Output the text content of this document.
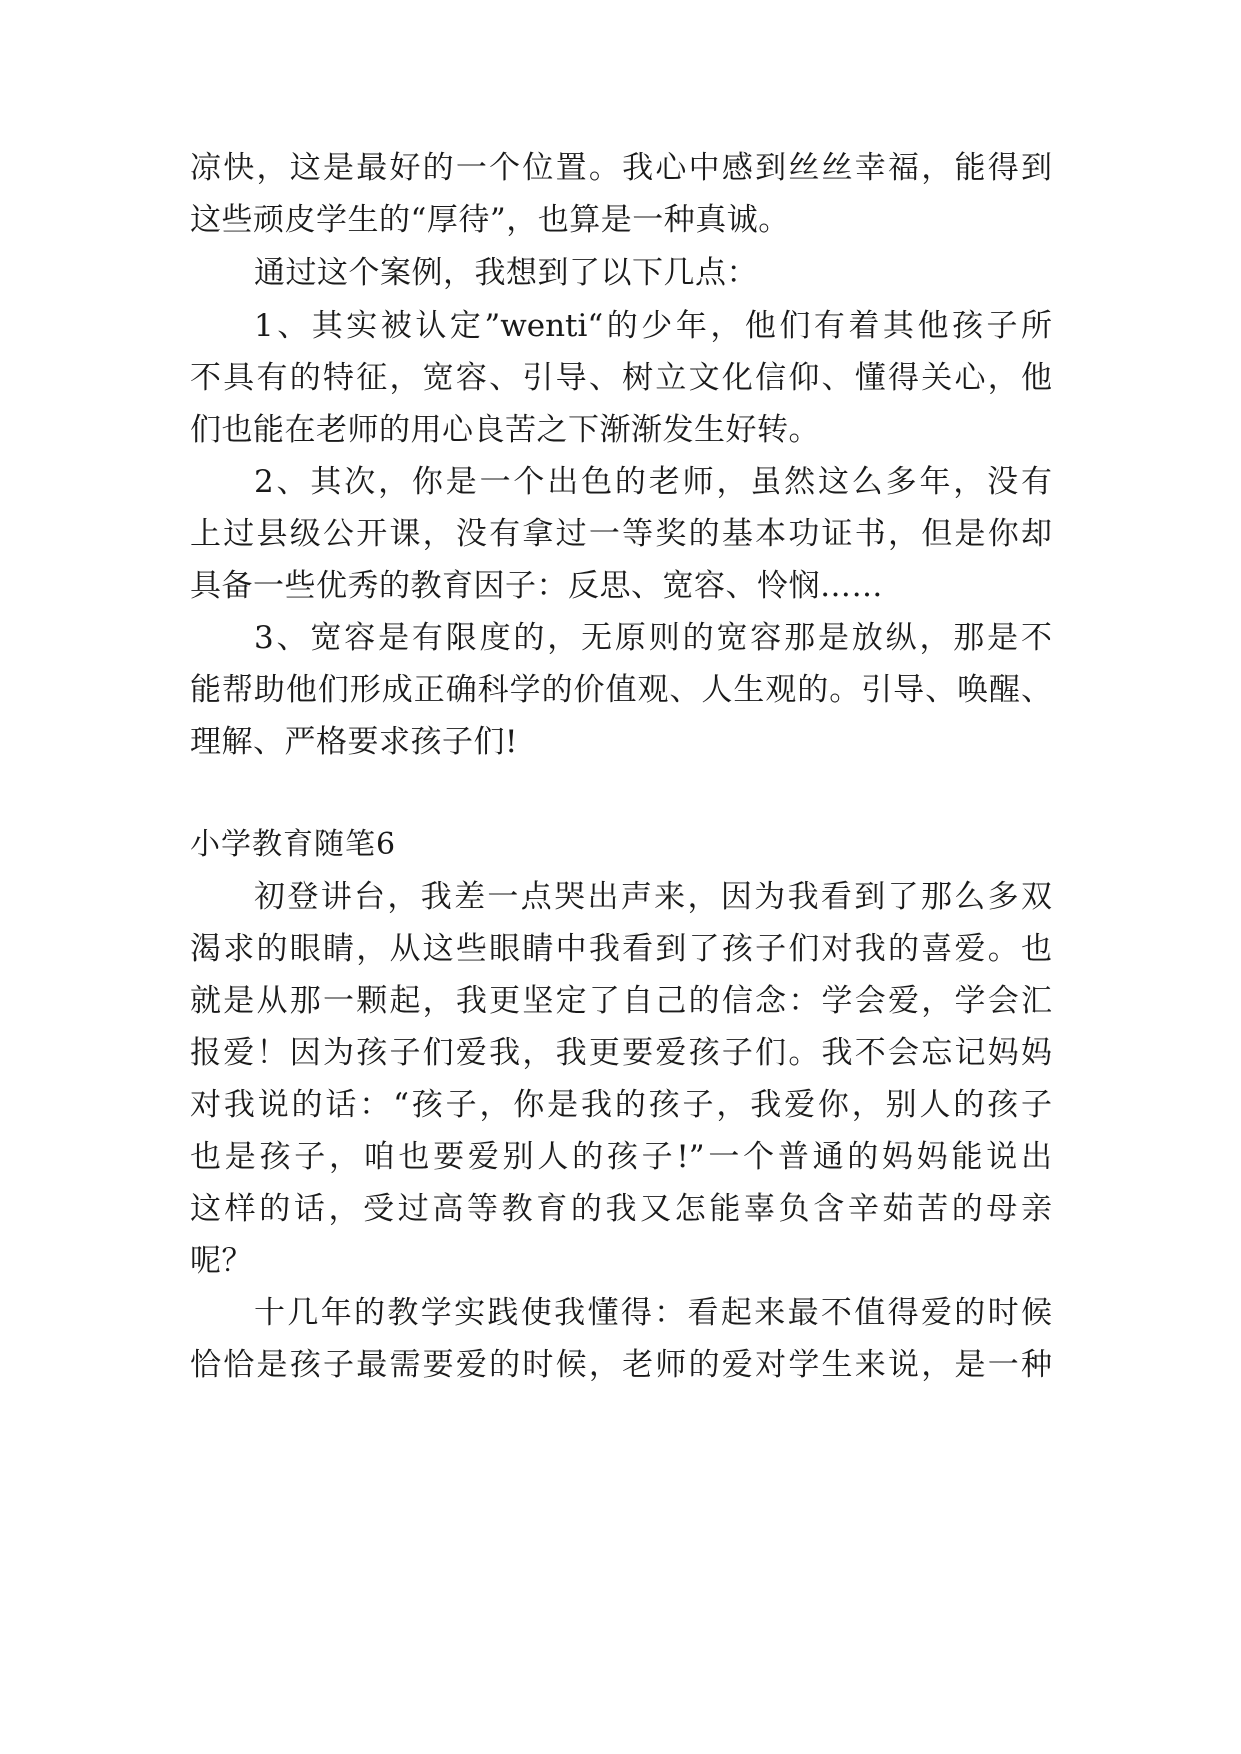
凉快，这是最好的一个位置。我心中感到丝丝幸福，能得到
这些顽皮学生的“厚待”，也算是一种真诚。
通过这个案例，我想到了以下几点：
1、其实被认定”wenti“的少年，他们有着其他孩子所
不具有的特征，宽容、引导、树立文化信仰、懂得关心，他
们也能在老师的用心良苦之下渐渐发生好转。
2、其次，你是一个出色的老师，虽然这么多年，没有
上过县级公开课，没有拿过一等奖的基本功证书，但是你却
具备一些优秀的教育因子：反思、宽容、怜悯……
3、宽容是有限度的，无原则的宽容那是放纵，那是不
能帮助他们形成正确科学的价值观、人生观的。引导、唤醒、
理解、严格要求孩子们!
小学教育随笔6
初登讲台，我差一点哭出声来，因为我看到了那么多双
渴求的眼睛，从这些眼睛中我看到了孩子们对我的喜爱。也
就是从那一颗起，我更坚定了自己的信念：学会爱，学会汇
报爱！因为孩子们爱我，我更要爱孩子们。我不会忘记妈妈
对我说的话：“孩子，你是我的孩子，我爱你，别人的孩子
也是孩子，咱也要爱别人的孩子!”一个普通的妈妈能说出
这样的话，受过高等教育的我又怎能辜负含辛茹苦的母亲
呢？
十几年的教学实践使我懂得：看起来最不值得爱的时候
恰恰是孩子最需要爱的时候，老师的爱对学生来说，是一种
